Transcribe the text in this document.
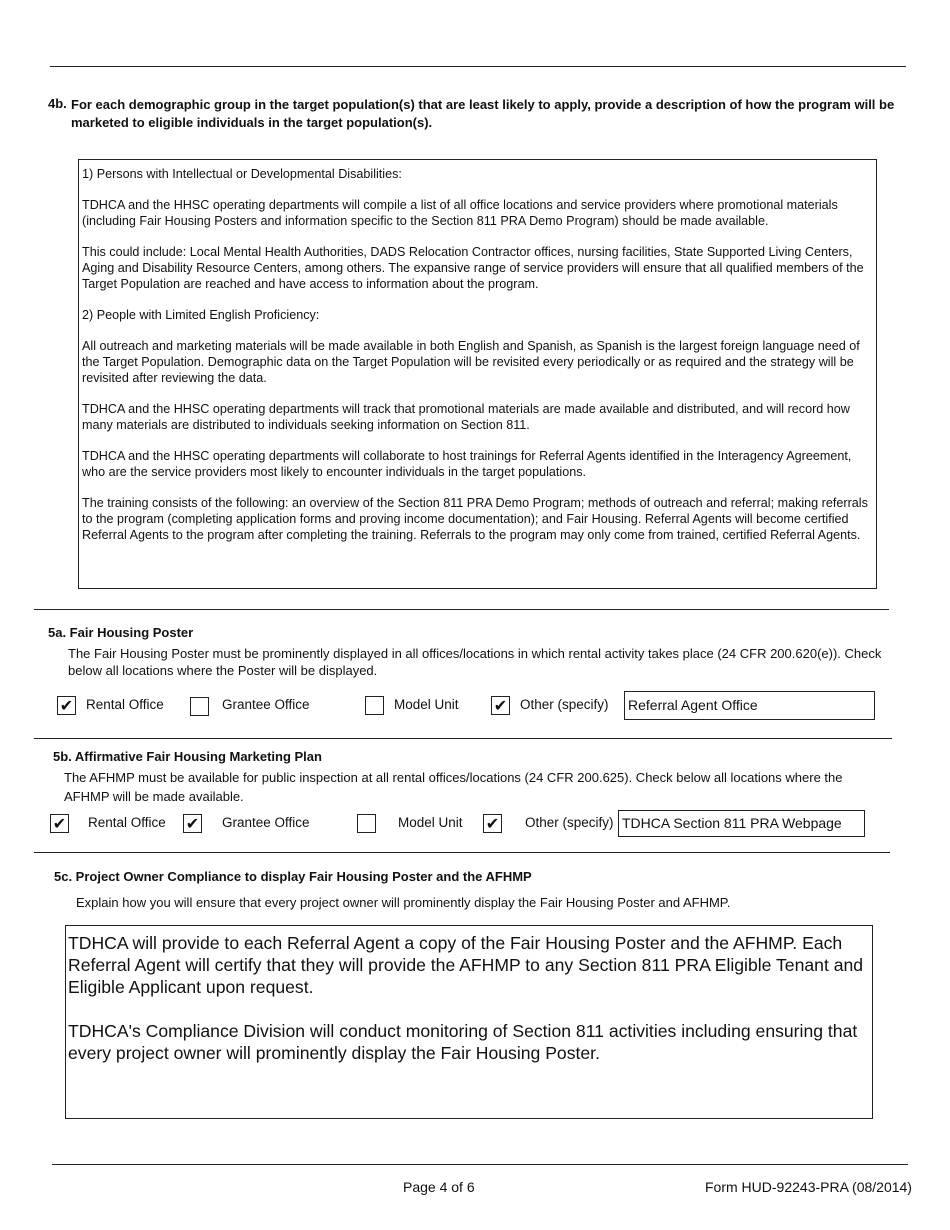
4b. For each demographic group in the target population(s) that are least likely to apply, provide a description of how the program will be marketed to eligible individuals in the target population(s).

1) Persons with Intellectual or Developmental Disabilities:

TDHCA and the HHSC operating departments will compile a list of all office locations and service providers where promotional materials (including Fair Housing Posters and information specific to the Section 811 PRA Demo Program) should be made available.

This could include: Local Mental Health Authorities, DADS Relocation Contractor offices, nursing facilities, State Supported Living Centers, Aging and Disability Resource Centers, among others. The expansive range of service providers will ensure that all qualified members of the Target Population are reached and have access to information about the program.

2) People with Limited English Proficiency:

All outreach and marketing materials will be made available in both English and Spanish, as Spanish is the largest foreign language need of the Target Population. Demographic data on the Target Population will be revisited every periodically or as required and the strategy will be revisited after reviewing the data.

TDHCA and the HHSC operating departments will track that promotional materials are made available and distributed, and will record how many materials are distributed to individuals seeking information on Section 811.

TDHCA and the HHSC operating departments will collaborate to host trainings for Referral Agents identified in the Interagency Agreement, who are the service providers most likely to encounter individuals in the target populations.

The training consists of the following: an overview of the Section 811 PRA Demo Program; methods of outreach and referral; making referrals to the program (completing application forms and proving income documentation); and Fair Housing. Referral Agents will become certified Referral Agents to the program after completing the training. Referrals to the program may only come from trained, certified Referral Agents.

5a. Fair Housing Poster
The Fair Housing Poster must be prominently displayed in all offices/locations in which rental activity takes place (24 CFR 200.620(e)). Check below all locations where the Poster will be displayed.
✔ Rental Office	Grantee Office	Model Unit ✔ Other (specify) Referral Agent Office
5b. Affirmative Fair Housing Marketing Plan
The AFHMP must be available for public inspection at all rental offices/locations (24 CFR 200.625). Check below all locations where the AFHMP will be made available.
✔ Rental Office ✔ Grantee Office	Model Unit ✔ Other (specify) TDHCA Section 811 PRA Webpage
5c. Project Owner Compliance to display Fair Housing Poster and the AFHMP
Explain how you will ensure that every project owner will prominently display the Fair Housing Poster and AFHMP.

TDHCA will provide to each Referral Agent a copy of the Fair Housing Poster and the AFHMP. Each Referral Agent will certify that they will provide the AFHMP to any Section 811 PRA Eligible Tenant and Eligible Applicant upon request.

TDHCA's Compliance Division will conduct monitoring of Section 811 activities including ensuring that every project owner will prominently display the Fair Housing Poster.

Page 4 of 6	Form HUD-92243-PRA (08/2014)
